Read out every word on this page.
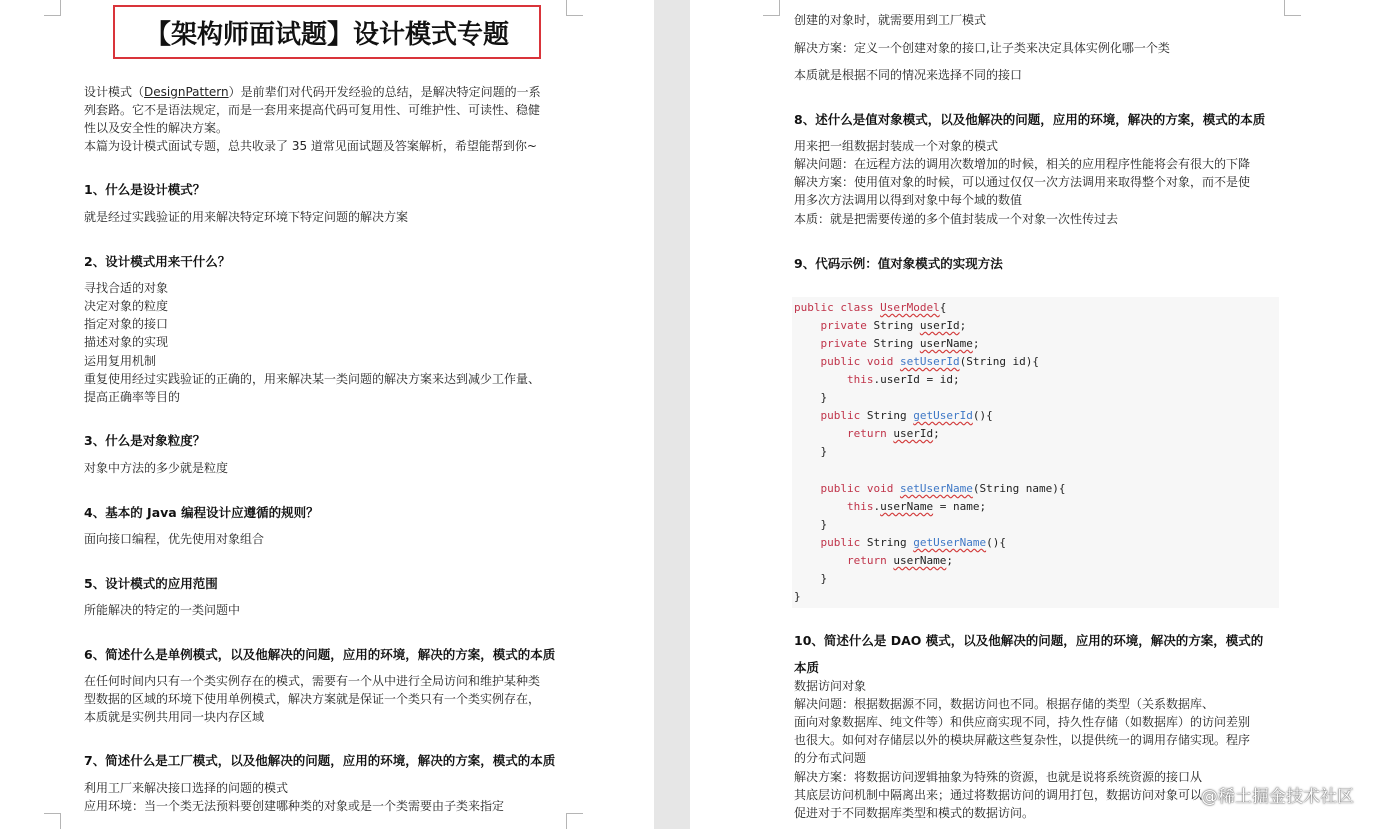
【架构师面试题】设计模式专题
设计模式（DesignPattern）是前辈们对代码开发经验的总结，是解决特定问题的一系
列套路。它不是语法规定，而是一套用来提高代码可复用性、可维护性、可读性、稳健
性以及安全性的解决方案。
本篇为设计模式面试专题，总共收录了 35 道常见面试题及答案解析，希望能帮到你~
1、什么是设计模式？
就是经过实践验证的用来解决特定环境下特定问题的解决方案
2、设计模式用来干什么？
寻找合适的对象
决定对象的粒度
指定对象的接口
描述对象的实现
运用复用机制
重复使用经过实践验证的正确的，用来解决某一类问题的解决方案来达到减少工作量、
提高正确率等目的
3、什么是对象粒度？
对象中方法的多少就是粒度
4、基本的 Java 编程设计应遵循的规则？
面向接口编程，优先使用对象组合
5、设计模式的应用范围
所能解决的特定的一类问题中
6、简述什么是单例模式，以及他解决的问题，应用的环境，解决的方案，模式的本质
在任何时间内只有一个类实例存在的模式，需要有一个从中进行全局访问和维护某种类
型数据的区域的环境下使用单例模式，解决方案就是保证一个类只有一个类实例存在，
本质就是实例共用同一块内存区域
7、简述什么是工厂模式，以及他解决的问题，应用的环境，解决的方案，模式的本质
利用工厂来解决接口选择的问题的模式
应用环境：当一个类无法预料要创建哪种类的对象或是一个类需要由子类来指定
创建的对象时，就需要用到工厂模式
解决方案：定义一个创建对象的接口,让子类来决定具体实例化哪一个类
本质就是根据不同的情况来选择不同的接口
8、述什么是值对象模式，以及他解决的问题，应用的环境，解决的方案，模式的本质
用来把一组数据封装成一个对象的模式
解决问题：在远程方法的调用次数增加的时候，相关的应用程序性能将会有很大的下降
解决方案：使用值对象的时候，可以通过仅仅一次方法调用来取得整个对象，而不是使
用多次方法调用以得到对象中每个域的数值
本质：就是把需要传递的多个值封装成一个对象一次性传过去
9、代码示例：值对象模式的实现方法
public class UserModel{
private String userId;
private String userName;
public void setUserId(String id){
this.userId = id;
}
public String getUserId(){
return userId;
}
public void setUserName(String name){
this.userName = name;
}
public String getUserName(){
return userName;
}
}
10、简述什么是 DAO 模式，以及他解决的问题，应用的环境，解决的方案，模式的
本质
数据访问对象
解决问题：根据数据源不同，数据访问也不同。根据存储的类型（关系数据库、
面向对象数据库、纯文件等）和供应商实现不同，持久性存储（如数据库）的访问差别
也很大。如何对存储层以外的模块屏蔽这些复杂性，以提供统一的调用存储实现。程序
的分布式问题
解决方案：将数据访问逻辑抽象为特殊的资源，也就是说将系统资源的接口从
其底层访问机制中隔离出来；通过将数据访问的调用打包，数据访问对象可以
促进对于不同数据库类型和模式的数据访问。
@稀土掘金技术社区
